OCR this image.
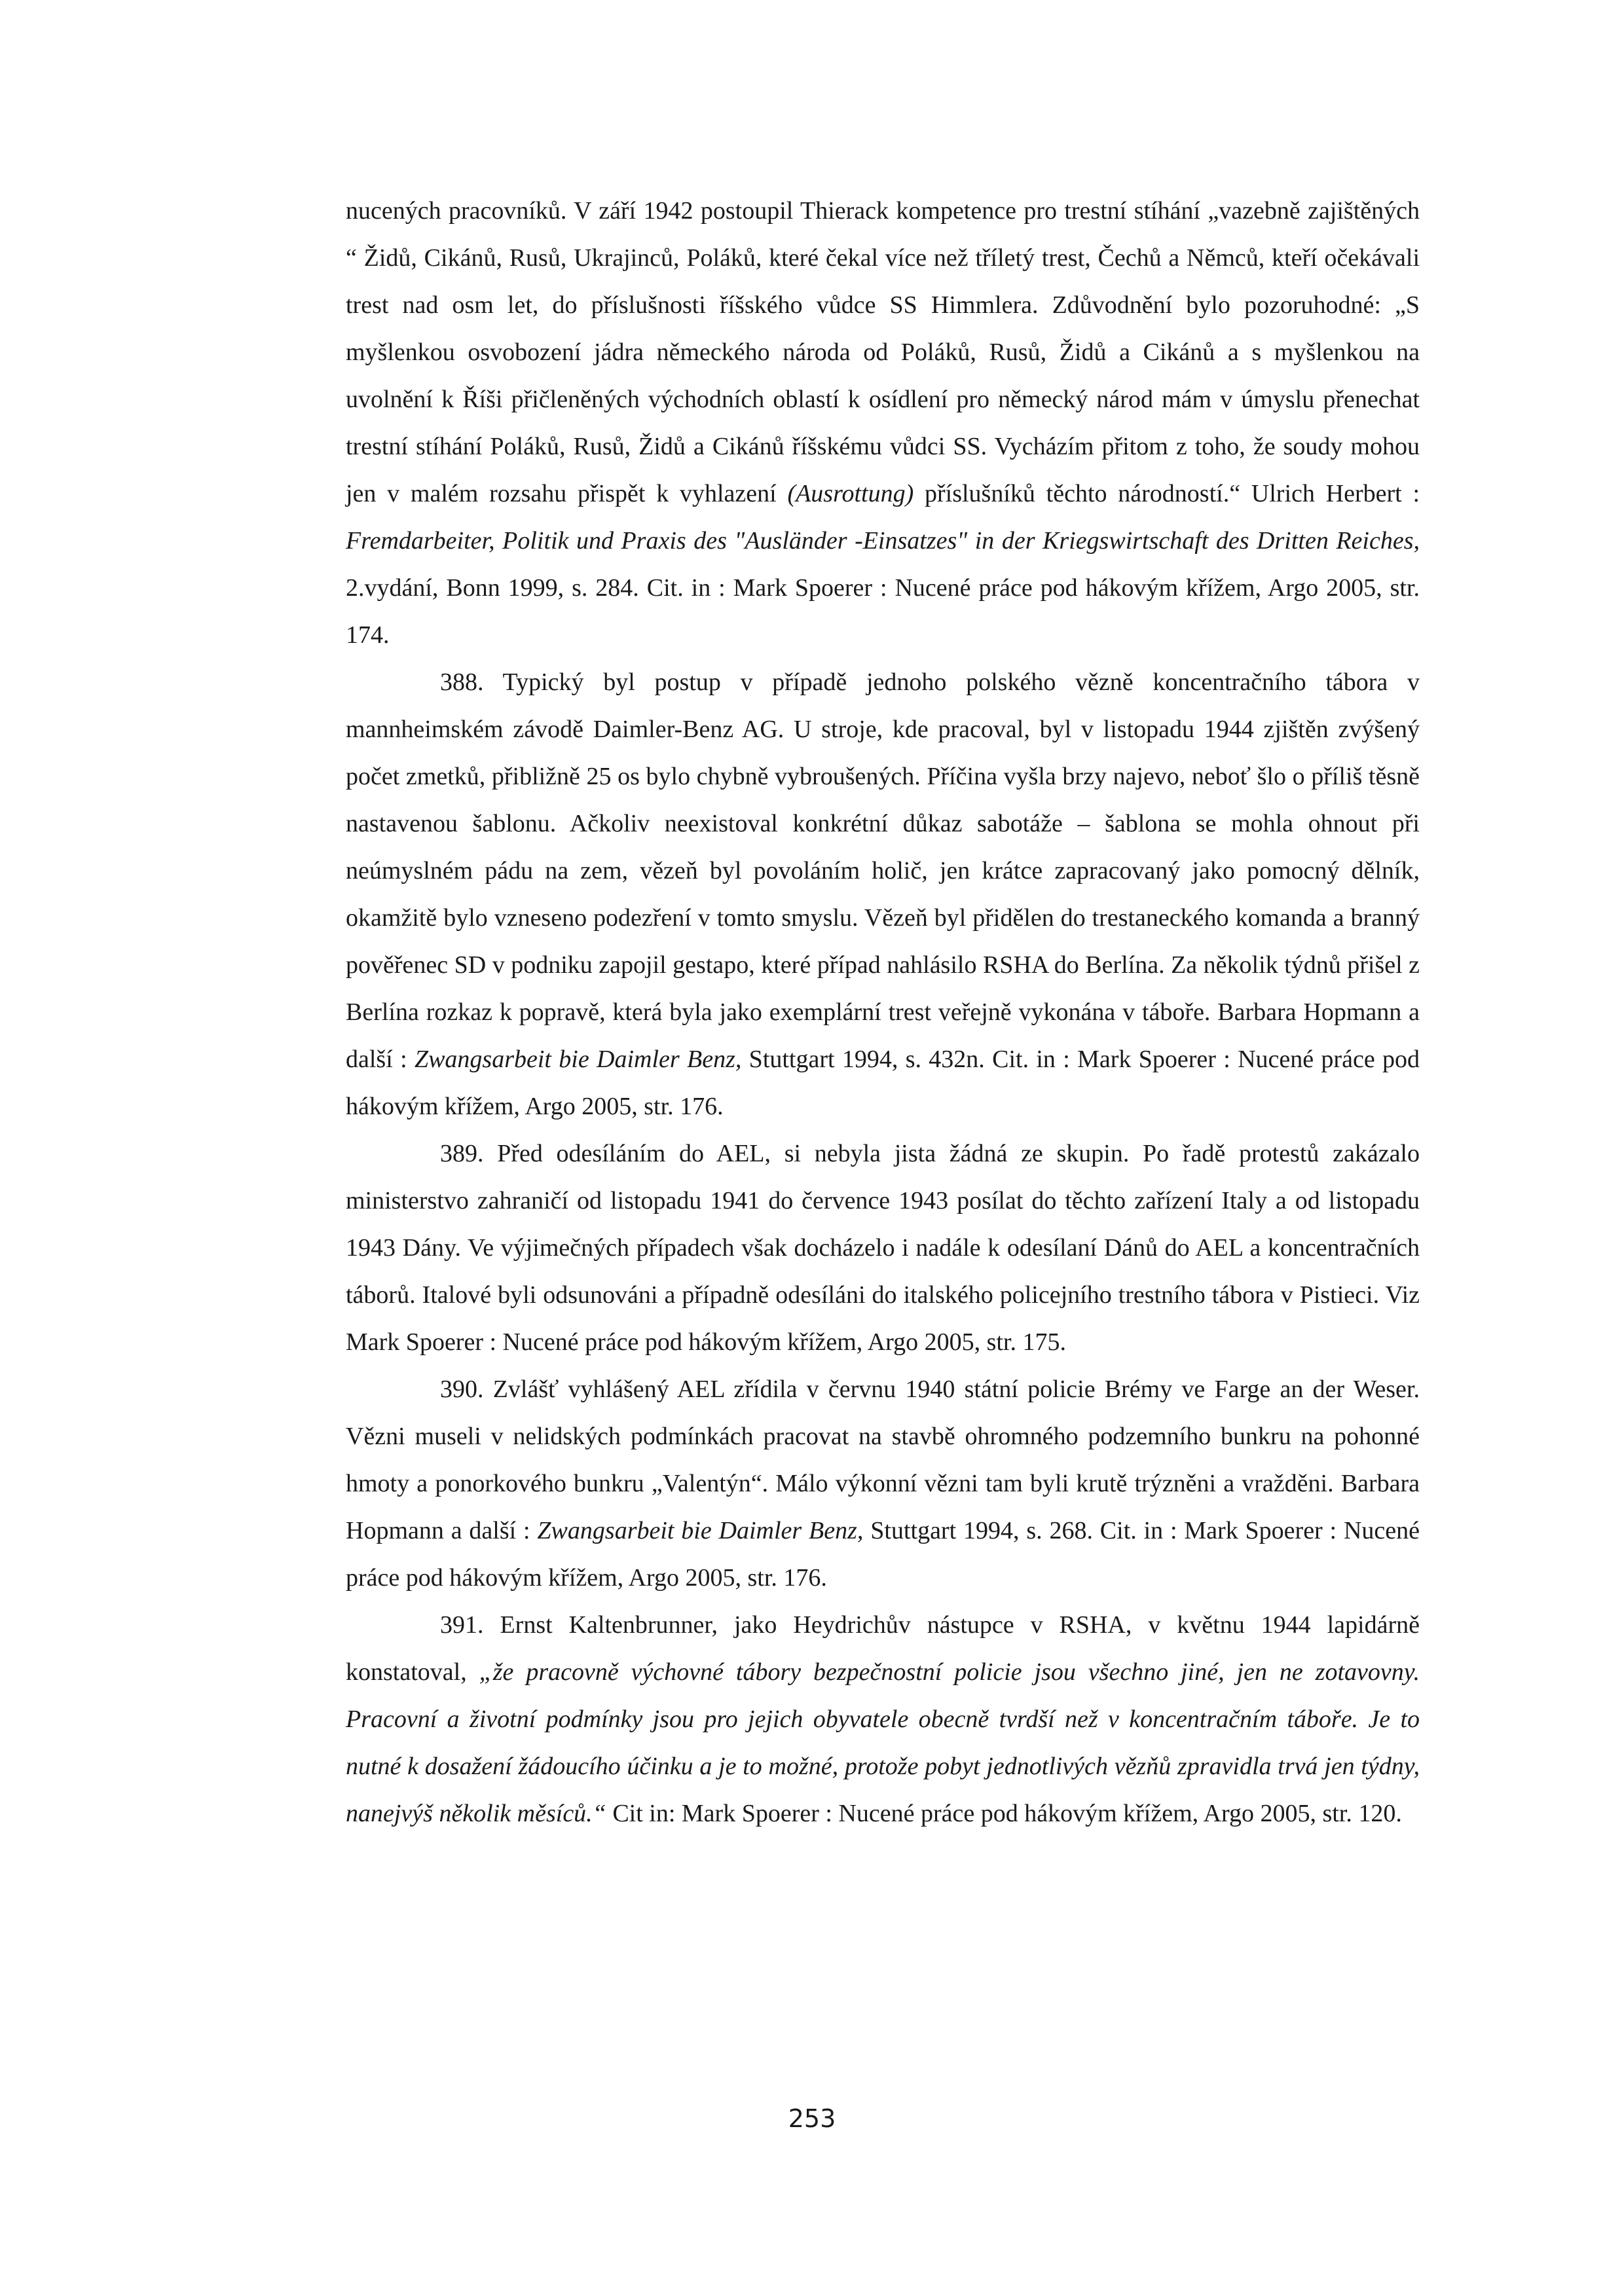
nucených pracovníků. V září 1942 postoupil Thierack kompetence pro trestní stíhání „vazebně zajištěných “ Židů, Cikánů, Rusů, Ukrajinců, Poláků, které čekal více než tříletý trest, Čechů a Němců, kteří očekávali trest nad osm let, do příslušnosti říšského vůdce SS Himmlera. Zdůvodnění bylo pozoruhodné: „S myšlenkou osvobození jádra německého národa od Poláků, Rusů, Židů a Cikánů a s myšlenkou na uvolnění k Říši přičleněných východních oblastí k osídlení pro německý národ mám v úmyslu přenechat trestní stíhání Poláků, Rusů, Židů a Cikánů říšskému vůdci SS. Vycházím přitom z toho, že soudy mohou jen v malém rozsahu přispět k vyhlazení (Ausrottung) příslušníků těchto národností.“ Ulrich Herbert : Fremdarbeiter, Politik und Praxis des "Ausländer -Einsatzes" in der Kriegswirtschaft des Dritten Reiches, 2.vydání, Bonn 1999, s. 284. Cit. in : Mark Spoerer : Nucené práce pod hákovým křížem, Argo 2005, str. 174.

388. Typický byl postup v případě jednoho polského vězně koncentračního tábora v mannheimském závodě Daimler-Benz AG. U stroje, kde pracoval, byl v listopadu 1944 zjištěn zvýšený počet zmetků, přibližně 25 os bylo chybně vybroušených. Příčina vyšla brzy najevo, neboť šlo o příliš těsně nastavenou šablonu. Ačkoliv neexistoval konkrétní důkaz sabotáže – šablona se mohla ohnout při neúmyslném pádu na zem, vězeň byl povoláním holič, jen krátce zapracovaný jako pomocný dělník, okamžitě bylo vzneseno podezření v tomto smyslu. Vězeň byl přidělen do trestaneckého komanda a branný pověřenec SD v podniku zapojil gestapo, které případ nahlásilo RSHA do Berlína. Za několik týdnů přišel z Berlína rozkaz k popravě, která byla jako exemplární trest veřejně vykonána v táboře. Barbara Hopmann a další : Zwangsarbeit bie Daimler Benz, Stuttgart 1994, s. 432n. Cit. in : Mark Spoerer : Nucené práce pod hákovým křížem, Argo 2005, str. 176.

389. Před odesíláním do AEL, si nebyla jista žádná ze skupin. Po řadě protestů zakázalo ministerstvo zahraničí od listopadu 1941 do července 1943 posílat do těchto zařízení Italy a od listopadu 1943 Dány. Ve výjimečných případech však docházelo i nadále k odesílaní Dánů do AEL a koncentračních táborů. Italové byli odsunováni a případně odesíláni do italského policejního trestního tábora v Pistieci. Viz Mark Spoerer : Nucené práce pod hákovým křížem, Argo 2005, str. 175.

390. Zvlášť vyhlášený AEL zřídila v červnu 1940 státní policie Brémy ve Farge an der Weser. Vězni museli v nelidských podmínkách pracovat na stavbě ohromného podzemního bunkru na pohonné hmoty a ponorkového bunkru „Valentýn“. Málo výkonní vězni tam byli krutě trýzněni a vražděni. Barbara Hopmann a další : Zwangsarbeit bie Daimler Benz, Stuttgart 1994, s. 268. Cit. in : Mark Spoerer : Nucené práce pod hákovým křížem, Argo 2005, str. 176.

391. Ernst Kaltenbrunner, jako Heydrichův nástupce v RSHA, v květnu 1944 lapidárně konstatoval, „že pracovně výchovné tábory bezpečnostní policie jsou všechno jiné, jen ne zotavovny. Pracovní a životní podmínky jsou pro jejich obyvatele obecně tvrdší než v koncentračním táboře. Je to nutné k dosažení žádoucího účinku a je to možné, protože pobyt jednotlivých vězňů zpravidla trvá jen týdny, nanejvýš několik měsíců.“ Cit in: Mark Spoerer : Nucené práce pod hákovým křížem, Argo 2005, str. 120.

253
